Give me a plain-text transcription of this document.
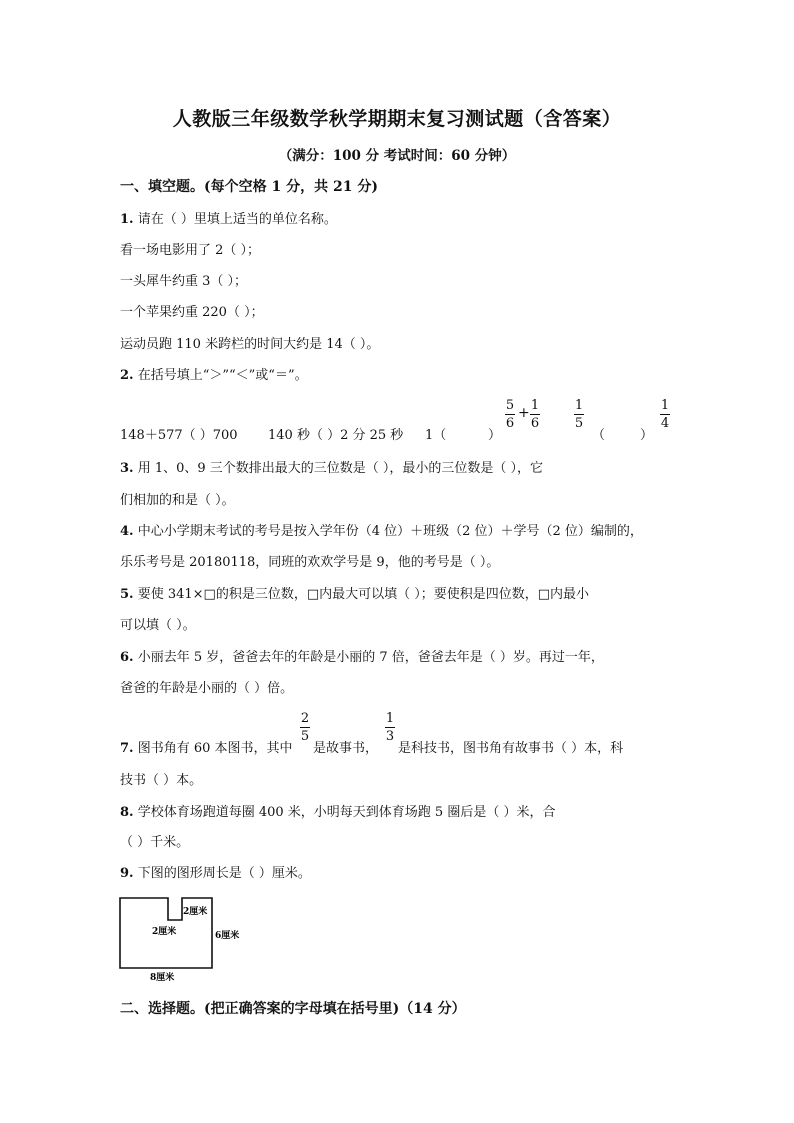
人教版三年级数学秋学期期末复习测试题（含答案）
（满分：100 分 考试时间：60 分钟）
一、填空题。(每个空格 1 分，共 21 分)
1. 请在（ ）里填上适当的单位名称。
看一场电影用了 2（ ）；
一头犀牛约重 3（ ）；
一个苹果约重 220（ ）；
运动员跑 110 米跨栏的时间大约是 14（ ）。
2. 在括号填上“＞”“＜”或“＝”。
148＋577（ ）700 140 秒（ ）2 分 25 秒 1（	）
5
6
+ 1
6
1
5
（	）
1
4
3. 用 1、0、9 三个数排出最大的三位数是（ ），最小的三位数是（ ），它
们相加的和是（ ）。
4. 中心小学期末考试的考号是按入学年份（4 位）＋班级（2 位）＋学号（2 位）编制的，
乐乐考号是 20180118，同班的欢欢学号是 9，他的考号是（ ）。
5. 要使 341×□的积是三位数，□内最大可以填（ ）；要使积是四位数，□内最小
可以填（ ）。
6. 小丽去年 5 岁，爸爸去年的年龄是小丽的 7 倍，爸爸去年是（ ）岁。再过一年，
爸爸的年龄是小丽的（ ）倍。
7. 图书角有 60 本图书，其中
2
5
是故事书，
1
3
是科技书，图书角有故事书（ ）本，科
技书（ ）本。
8. 学校体育场跑道每圈 400 米，小明每天到体育场跑 5 圈后是（ ）米，合
（ ）千米。
9. 下图的图形周长是（ ）厘米。
2厘米
2厘米	6厘米
8厘米
二、选择题。(把正确答案的字母填在括号里)（14 分）
